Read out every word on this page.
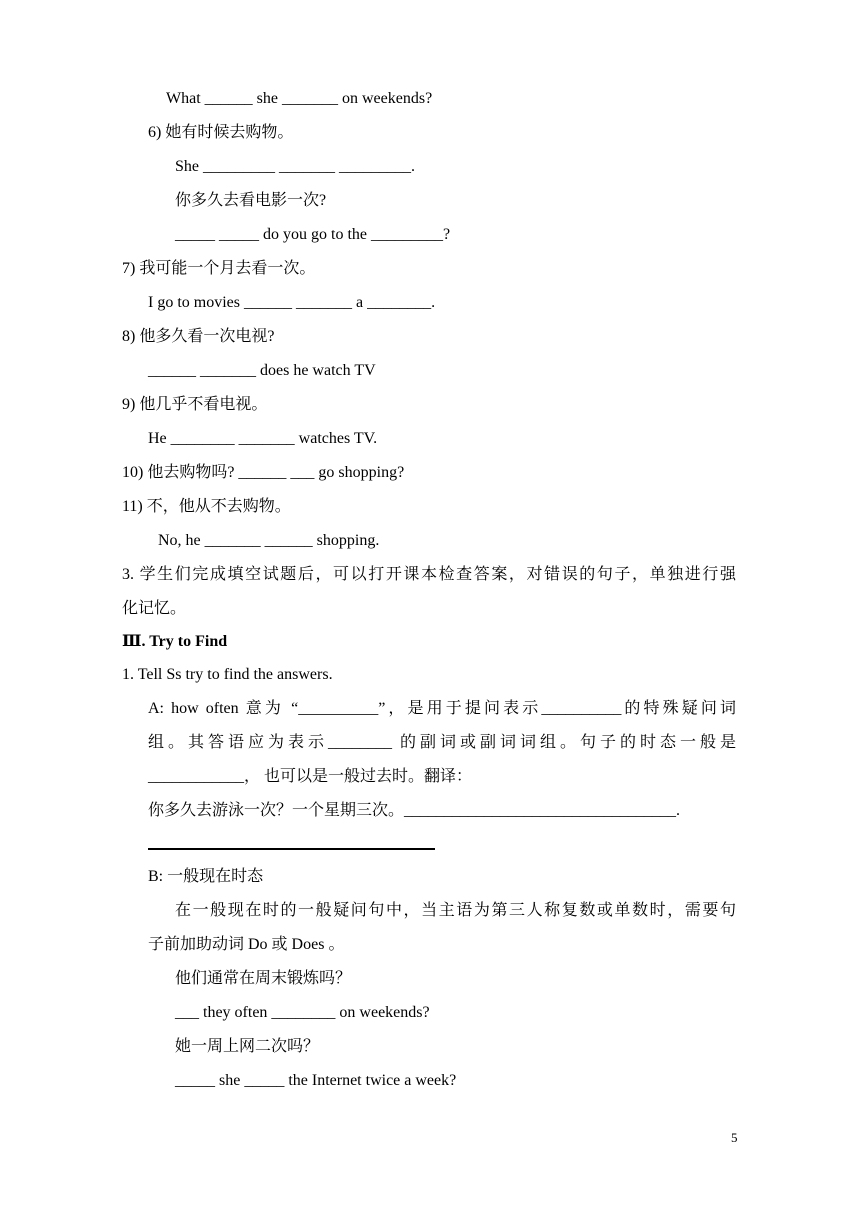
What ______ she _______ on weekends?
6) 她有时候去购物。
She _________ _______ _________.
你多久去看电影一次?
_____ _____ do you go to the _________?
7) 我可能一个月去看一次。
I go to movies ______ _______ a ________.
8) 他多久看一次电视?
______ _______ does he watch TV
9) 他几乎不看电视。
He ________ _______ watches TV.
10) 他去购物吗? ______ ___ go shopping?
11) 不，他从不去购物。
No, he _______ ______ shopping.
3. 学生们完成填空试题后，可以打开课本检查答案，对错误的句子，单独进行强
化记忆。
Ⅲ. Try to Find
1. Tell Ss try to find the answers.
A: how often 意为 “__________”，是用于提问表示__________的特殊疑问词
组。其答语应为表示________ 的副词或副词词组。句子的时态一般是
____________， 也可以是一般过去时。翻译：
你多久去游泳一次？一个星期三次。__________________________________.
B: 一般现在时态
在一般现在时的一般疑问句中，当主语为第三人称复数或单数时，需要句
子前加助动词 Do 或 Does 。
他们通常在周末锻炼吗？
___ they often ________ on weekends?
她一周上网二次吗？
_____ she _____ the Internet twice a week?
5
